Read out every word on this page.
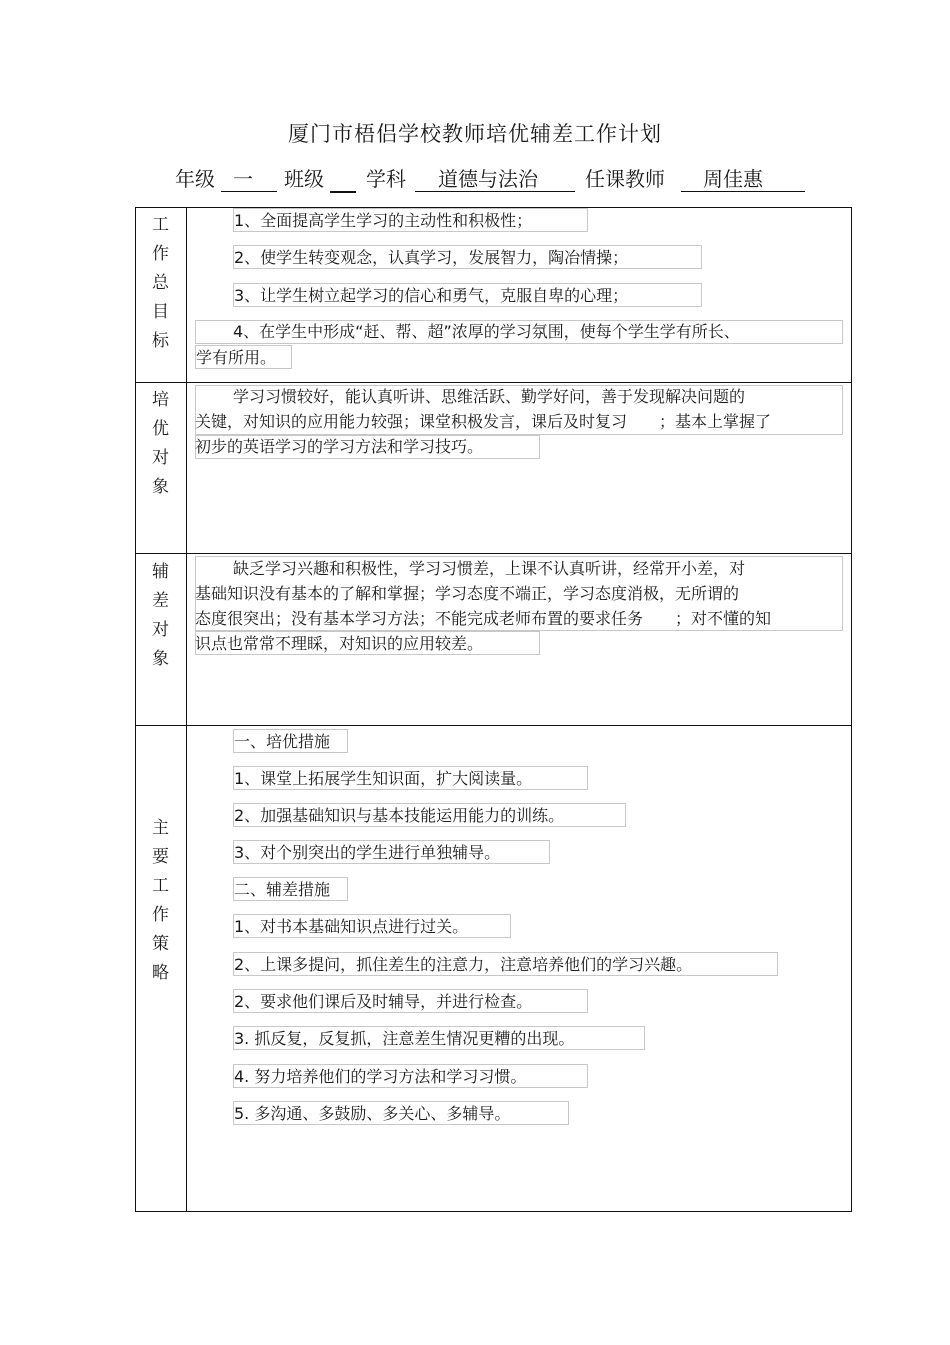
厦门市梧侣学校教师培优辅差工作计划
年级 一 班级 学科 道德与法治 任课教师 周佳惠
工
作
总
目
标
1、全面提高学生学习的主动性和积极性；
2、使学生转变观念，认真学习，发展智力，陶冶情操；
3、让学生树立起学习的信心和勇气，克服自卑的心理；
4、在学生中形成“赶、帮、超”浓厚的学习氛围，使每个学生学有所长、
学有所用。
培
优
对
象
学习习惯较好，能认真听讲、思维活跃、勤学好问，善于发现解决问题的
关键，对知识的应用能力较强；课堂积极发言，课后及时复习　　；基本上掌握了
初步的英语学习的学习方法和学习技巧。
辅
差
对
象
缺乏学习兴趣和积极性，学习习惯差，上课不认真听讲，经常开小差，对
基础知识没有基本的了解和掌握；学习态度不端正，学习态度消极，无所谓的
态度很突出；没有基本学习方法；不能完成老师布置的要求任务　　；对不懂的知
识点也常常不理睬，对知识的应用较差。
主
要
工
作
策
略
一、培优措施
1、课堂上拓展学生知识面，扩大阅读量。
2、加强基础知识与基本技能运用能力的训练。
3、对个别突出的学生进行单独辅导。
二、辅差措施
1、对书本基础知识点进行过关。
2、上课多提问，抓住差生的注意力，注意培养他们的学习兴趣。
2、要求他们课后及时辅导，并进行检查。
3. 抓反复，反复抓，注意差生情况更糟的出现。
4. 努力培养他们的学习方法和学习习惯。
5. 多沟通、多鼓励、多关心、多辅导。
